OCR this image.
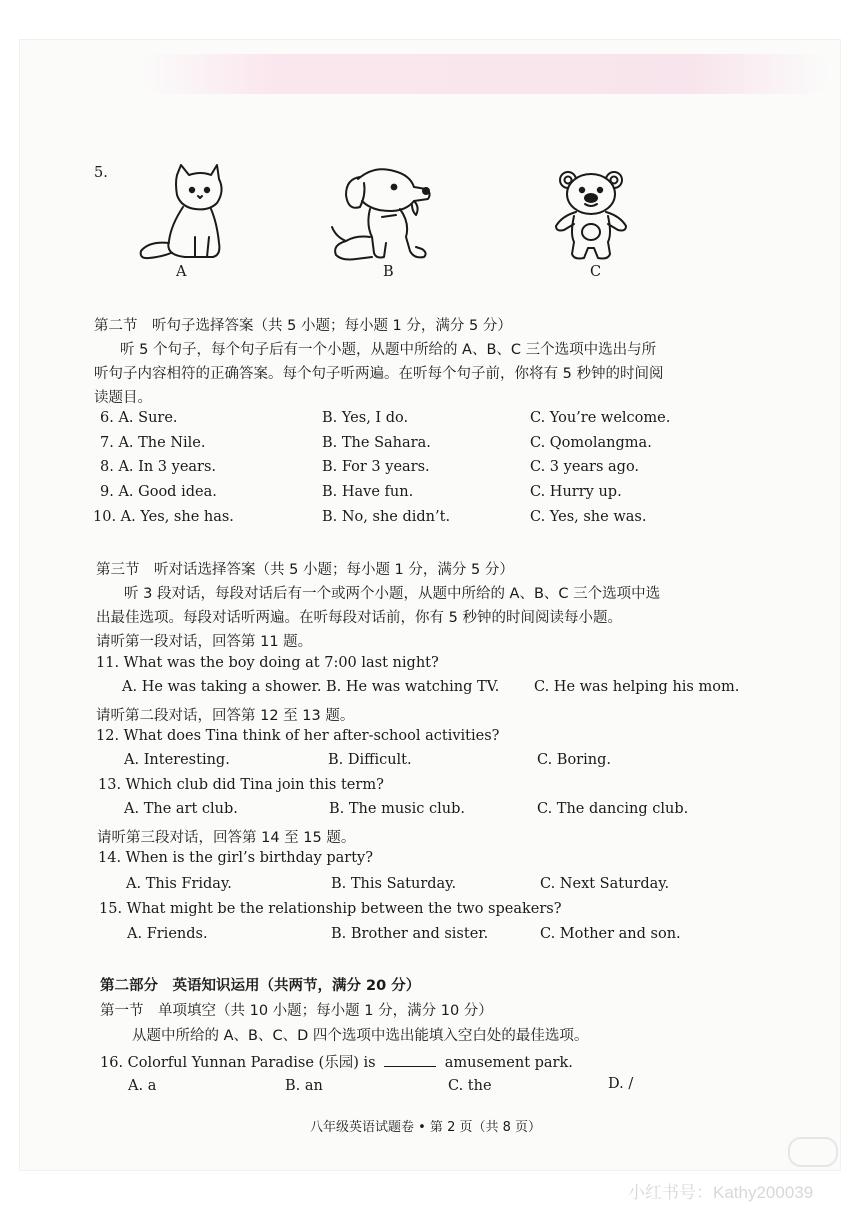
5.
A	B	C
第二节　听句子选择答案（共 5 小题；每小题 1 分，满分 5 分）
听 5 个句子，每个句子后有一个小题，从题中所给的 A、B、C 三个选项中选出与所
听句子内容相符的正确答案。每个句子听两遍。在听每个句子前，你将有 5 秒钟的时间阅
读题目。
6. A. Sure.	B. Yes, I do.	C. You’re welcome.
7. A. The Nile.	B. The Sahara.	C. Qomolangma.
8. A. In 3 years.	B. For 3 years.	C. 3 years ago.
9. A. Good idea.	B. Have fun.	C. Hurry up.
10. A. Yes, she has.	B. No, she didn’t.	C. Yes, she was.
第三节　听对话选择答案（共 5 小题；每小题 1 分，满分 5 分）
听 3 段对话，每段对话后有一个或两个小题，从题中所给的 A、B、C 三个选项中选
出最佳选项。每段对话听两遍。在听每段对话前，你有 5 秒钟的时间阅读每小题。
请听第一段对话，回答第 11 题。
11. What was the boy doing at 7:00 last night?
A. He was taking a shower. B. He was watching TV. C. He was helping his mom.
请听第二段对话，回答第 12 至 13 题。
12. What does Tina think of her after-school activities?
A. Interesting.	B. Difficult.	C. Boring.
13. Which club did Tina join this term?
A. The art club.	B. The music club.	C. The dancing club.
请听第三段对话，回答第 14 至 15 题。
14. When is the girl’s birthday party?
A. This Friday.	B. This Saturday.	C. Next Saturday.
15. What might be the relationship between the two speakers?
A. Friends.	B. Brother and sister.	C. Mother and son.
第二部分　英语知识运用（共两节，满分 20 分）
第一节　单项填空（共 10 小题；每小题 1 分，满分 10 分）
从题中所给的 A、B、C、D 四个选项中选出能填入空白处的最佳选项。
16. Colorful Yunnan Paradise (乐园) is	amusement park.
A. a	B. an	C. the	D. /
八年级英语试题卷 • 第 2 页（共 8 页）
小红书号：Kathy200039
